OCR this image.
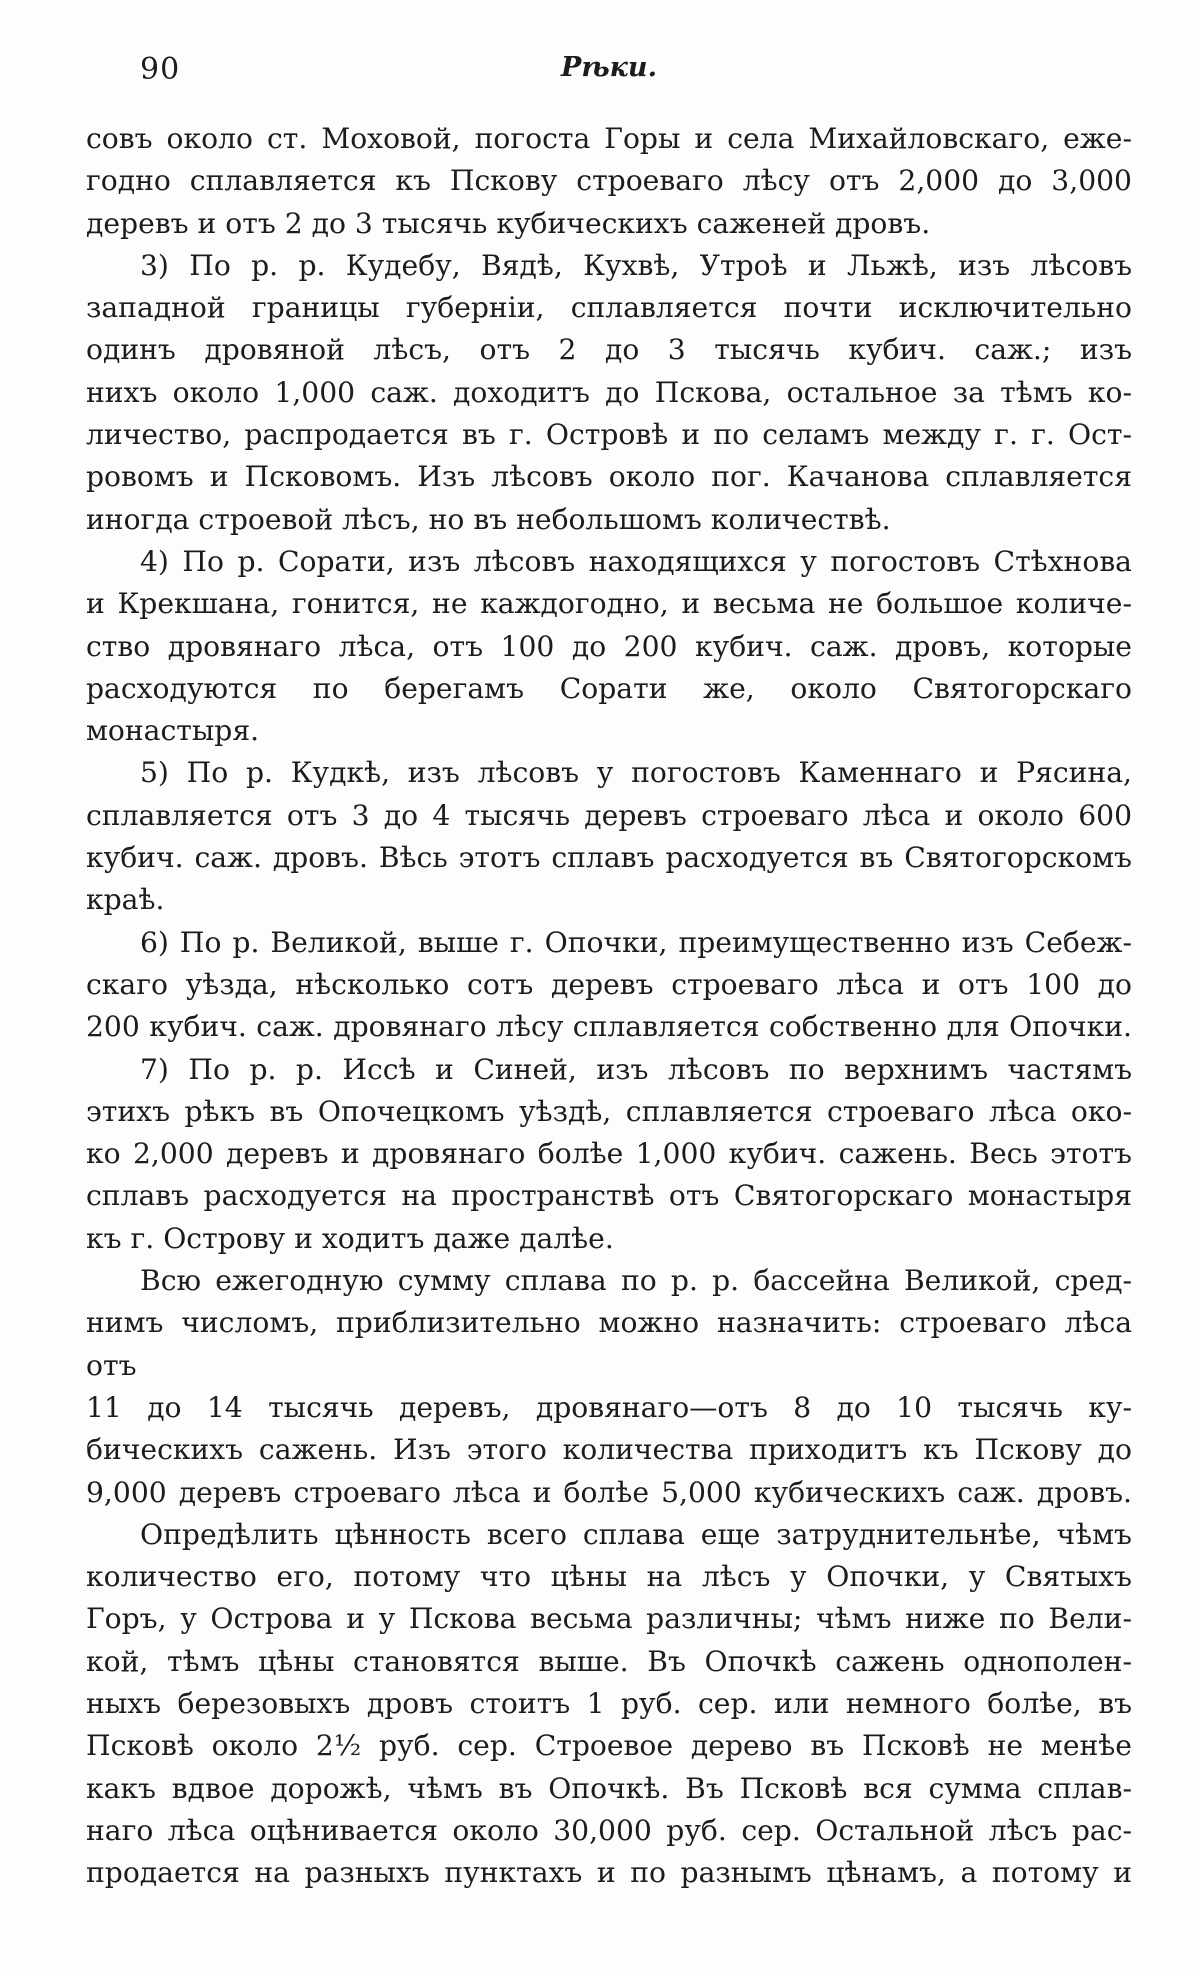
90	Рѣки.

совъ около ст. Моховой, погоста Горы и села Михайловскаго, еже-
годно сплавляется къ Пскову строеваго лѣсу отъ 2,000 до 3,000

деревъ и отъ 2 до 3 тысячь кубическихъ саженей дровъ.

3) По р. р. Кудебу, Вядѣ, Кухвѣ, Утроѣ и Льжѣ, изъ лѣсовъ
западной границы губерніи, сплавляется почти исключительно
одинъ дровяной лѣсъ, отъ 2 до 3 тысячь кубич. саж.; изъ
нихъ около 1,000 саж. доходитъ до Пскова, остальное за тѣмъ ко-
личество, распродается въ г. Островѣ и по селамъ между г. г. Ост-
ровомъ и Псковомъ. Изъ лѣсовъ около пог. Качанова сплавляется

иногда строевой лѣсъ, но въ небольшомъ количествѣ.

4) По р. Сорати, изъ лѣсовъ находящихся у погостовъ Стѣхнова
и Крекшана, гонится, не каждогодно, и весьма не большое количе-
ство дровянаго лѣса, отъ 100 до 200 кубич. саж. дровъ, которые
расходуются по берегамъ Сорати же, около Святогорскаго монастыря.

5) По р. Кудкѣ, изъ лѣсовъ у погостовъ Каменнаго и Рясина,
сплавляется отъ 3 до 4 тысячь деревъ строеваго лѣса и около 600
кубич. саж. дровъ. Вѣсь этотъ сплавъ расходуется въ Святогорскомъ

краѣ.

6) По р. Великой, выше г. Опочки, преимущественно изъ Себеж-
скаго уѣзда, нѣсколько сотъ деревъ строеваго лѣса и отъ 100 до
200 кубич. саж. дровянаго лѣсу сплавляется собственно для Опочки.

7) По р. р. Иссѣ и Синей, изъ лѣсовъ по верхнимъ частямъ
этихъ рѣкъ въ Опочецкомъ уѣздѣ, сплавляется строеваго лѣса око-
ко 2,000 деревъ и дровянаго болѣе 1,000 кубич. сажень. Весь этотъ
сплавъ расходуется на пространствѣ отъ Святогорскаго монастыря

къ г. Острову и ходитъ даже далѣе.

Всю ежегодную сумму сплава по р. р. бассейна Великой, сред-
нимъ числомъ, приблизительно можно назначить: строеваго лѣса отъ
11 до 14 тысячь деревъ, дровянаго—отъ 8 до 10 тысячь ку-
бическихъ сажень. Изъ этого количества приходитъ къ Пскову до
9,000 деревъ строеваго лѣса и болѣе 5,000 кубическихъ саж. дровъ.

Опредѣлить цѣнность всего сплава еще затруднительнѣе, чѣмъ
количество его, потому что цѣны на лѣсъ у Опочки, у Святыхъ
Горъ, у Острова и у Пскова весьма различны; чѣмъ ниже по Вели-
кой, тѣмъ цѣны становятся выше. Въ Опочкѣ сажень однополен-
ныхъ березовыхъ дровъ стоитъ 1 руб. сер. или немного болѣе, въ
Псковѣ около 2½ руб. сер. Строевое дерево въ Псковѣ не менѣе
какъ вдвое дорожѣ, чѣмъ въ Опочкѣ. Въ Псковѣ вся сумма сплав-
наго лѣса оцѣнивается около 30,000 руб. сер. Остальной лѣсъ рас-
продается на разныхъ пунктахъ и по разнымъ цѣнамъ, а потому и
